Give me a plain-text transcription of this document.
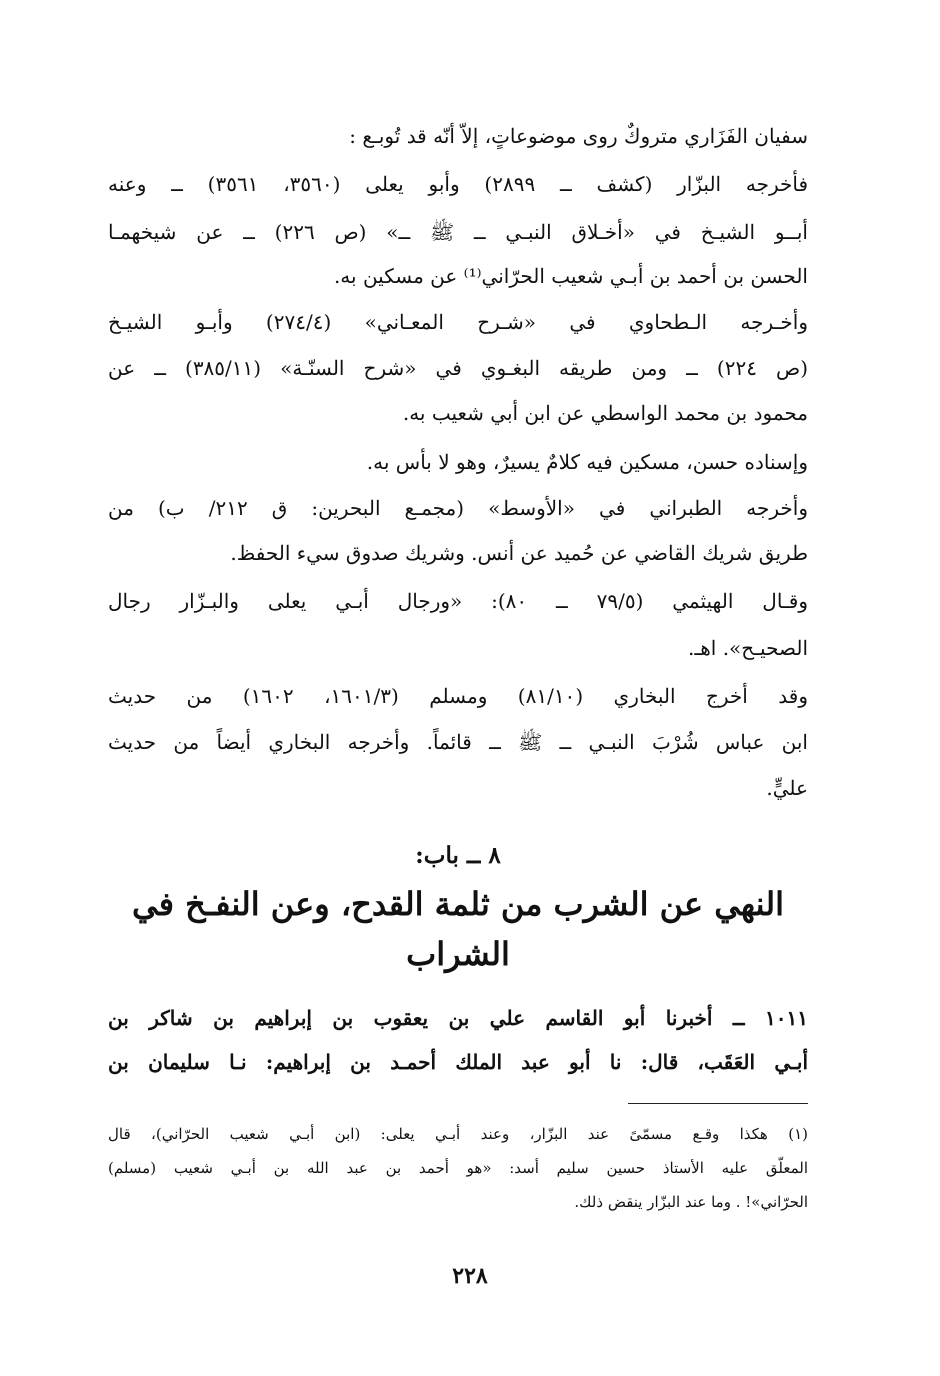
سفيان الفَزَاري متروكٌ روى موضوعاتٍ، إلاّ أنّه قد تُوبـع :
فأخرجه البزّار (كشف ــ ٢٨٩٩) وأبو يعلى (٣٥٦٠، ٣٥٦١) ــ وعنه
أبــو الشيـخ في «أخـلاق النبـي ــ ﷺ ــ» (ص ٢٢٦) ــ عن شيخهمـا
الحسن بن أحمد بن أبـي شعيب الحرّاني⁽¹⁾ عن مسكين به.
وأخـرجه الـطحاوي في «شـرح المعـاني» (٢٧٤/٤) وأبـو الشيـخ
(ص ٢٢٤) ــ ومن طريقه البغـوي في «شرح السنّـة» (٣٨٥/١١) ــ عن
محمود بن محمد الواسطي عن ابن أبي شعيب به.
وإسناده حسن، مسكين فيه كلامٌ يسيرٌ، وهو لا بأس به.
وأخرجه الطبراني في «الأوسط» (مجمـع البحرين: ق ٢١٢/ ب) من
طريق شريك القاضي عن حُميد عن أنس. وشريك صدوق سيء الحفظ.
وقـال الهيثمي (٧٩/٥ ــ ٨٠): «ورجال أبـي يعلى والبـزّار رجال
الصحيـح». اهـ.
وقد أخرج البخاري (٨١/١٠) ومسلم (١٦٠١/٣، ١٦٠٢) من حديث
ابن عباس شُرْبَ النبـي ــ ﷺ ــ قائماً. وأخرجه البخاري أيضاً من حديث
عليٍّ.
٨ ــ باب:
النهي عن الشرب من ثلمة القدح، وعن النفـخ في
الشراب
١٠١١ ــ أخبرنا أبو القاسم علي بن يعقوب بن إبراهيم بن شاكر بن
أبـي العَقَب، قال: نا أبو عبد الملك أحمـد بن إبراهيم: نـا سليمان بن
(١) هكذا وقـع مسمّىً عند البزّار، وعند أبـي يعلى: (ابن أبـي شعيب الحرّاني)، قال
المعلّق عليه الأستاذ حسين سليم أسد: «هو أحمد بن عبد الله بن أبـي شعيب (مسلم)
الحرّاني»! . وما عند البزّار ينقض ذلك.
٢٢٨
